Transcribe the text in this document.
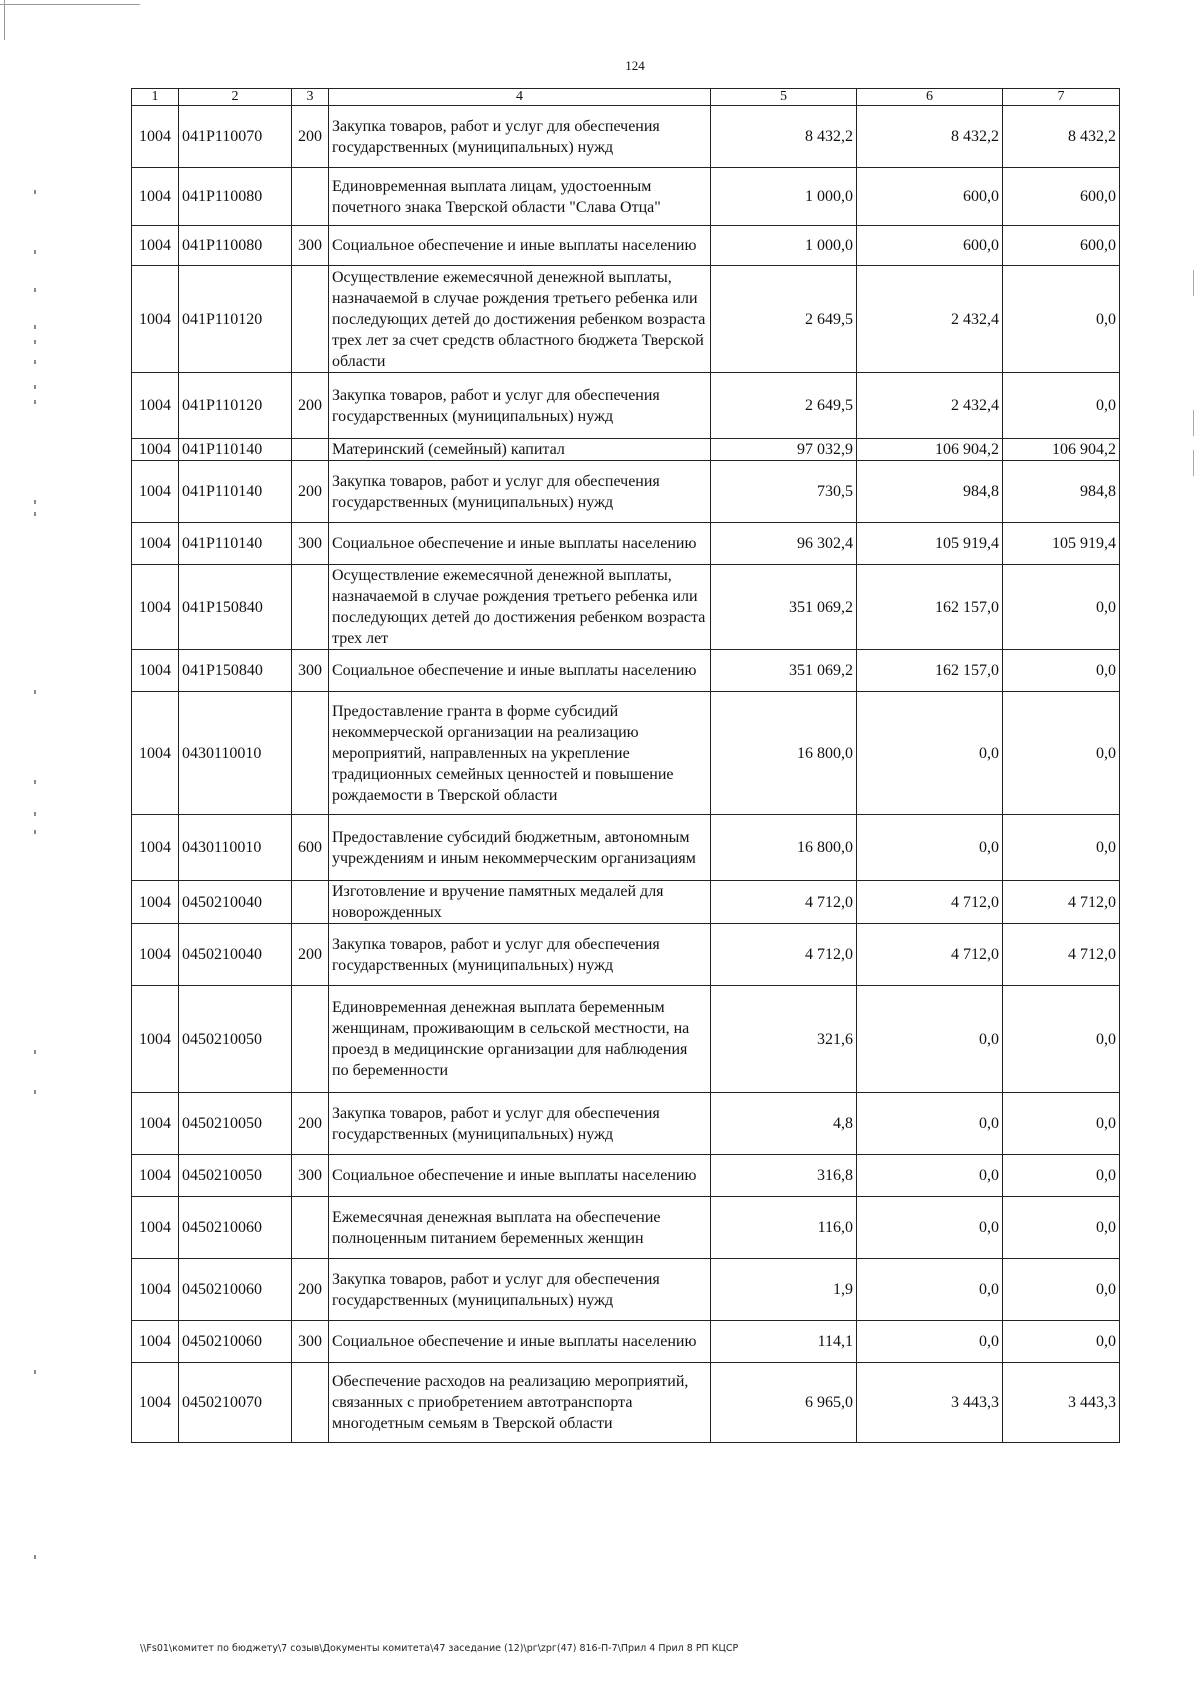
124
1	2	3	4	5	6	7
1004	041P110070	200	Закупка товаров, работ и услуг для обеспечения государственных (муниципальных) нужд	8 432,2	8 432,2	8 432,2
1004	041P110080		Единовременная выплата лицам, удостоенным почетного знака Тверской области "Слава Отца"	1 000,0	600,0	600,0
1004	041P110080	300	Социальное обеспечение и иные выплаты населению	1 000,0	600,0	600,0
1004	041P110120		Осуществление ежемесячной денежной выплаты, назначаемой в случае рождения третьего ребенка или последующих детей до достижения ребенком возраста трех лет за счет средств областного бюджета Тверской области	2 649,5	2 432,4	0,0
1004	041P110120	200	Закупка товаров, работ и услуг для обеспечения государственных (муниципальных) нужд	2 649,5	2 432,4	0,0
1004	041P110140		Материнский (семейный) капитал	97 032,9	106 904,2	106 904,2
1004	041P110140	200	Закупка товаров, работ и услуг для обеспечения государственных (муниципальных) нужд	730,5	984,8	984,8
1004	041P110140	300	Социальное обеспечение и иные выплаты населению	96 302,4	105 919,4	105 919,4
1004	041P150840		Осуществление ежемесячной денежной выплаты, назначаемой в случае рождения третьего ребенка или последующих детей до достижения ребенком возраста трех лет	351 069,2	162 157,0	0,0
1004	041P150840	300	Социальное обеспечение и иные выплаты населению	351 069,2	162 157,0	0,0
1004	0430110010		Предоставление гранта в форме субсидий некоммерческой организации на реализацию мероприятий, направленных на укрепление традиционных семейных ценностей и повышение рождаемости в Тверской области	16 800,0	0,0	0,0
1004	0430110010	600	Предоставление субсидий бюджетным, автономным учреждениям и иным некоммерческим организациям	16 800,0	0,0	0,0
1004	0450210040		Изготовление и вручение памятных медалей для новорожденных	4 712,0	4 712,0	4 712,0
1004	0450210040	200	Закупка товаров, работ и услуг для обеспечения государственных (муниципальных) нужд	4 712,0	4 712,0	4 712,0
1004	0450210050		Единовременная денежная выплата беременным женщинам, проживающим в сельской местности, на проезд в медицинские организации для наблюдения по беременности	321,6	0,0	0,0
1004	0450210050	200	Закупка товаров, работ и услуг для обеспечения государственных (муниципальных) нужд	4,8	0,0	0,0
1004	0450210050	300	Социальное обеспечение и иные выплаты населению	316,8	0,0	0,0
1004	0450210060		Ежемесячная денежная выплата на обеспечение полноценным питанием беременных женщин	116,0	0,0	0,0
1004	0450210060	200	Закупка товаров, работ и услуг для обеспечения государственных (муниципальных) нужд	1,9	0,0	0,0
1004	0450210060	300	Социальное обеспечение и иные выплаты населению	114,1	0,0	0,0
1004	0450210070		Обеспечение расходов на реализацию мероприятий, связанных с приобретением автотранспорта многодетным семьям в Тверской области	6 965,0	3 443,3	3 443,3
\\Fs01\комитет по бюджету\7 созыв\Документы комитета\47 заседание (12)\рг\zрг(47) 816-П-7\Прил 4 Прил 8 РП КЦСР
